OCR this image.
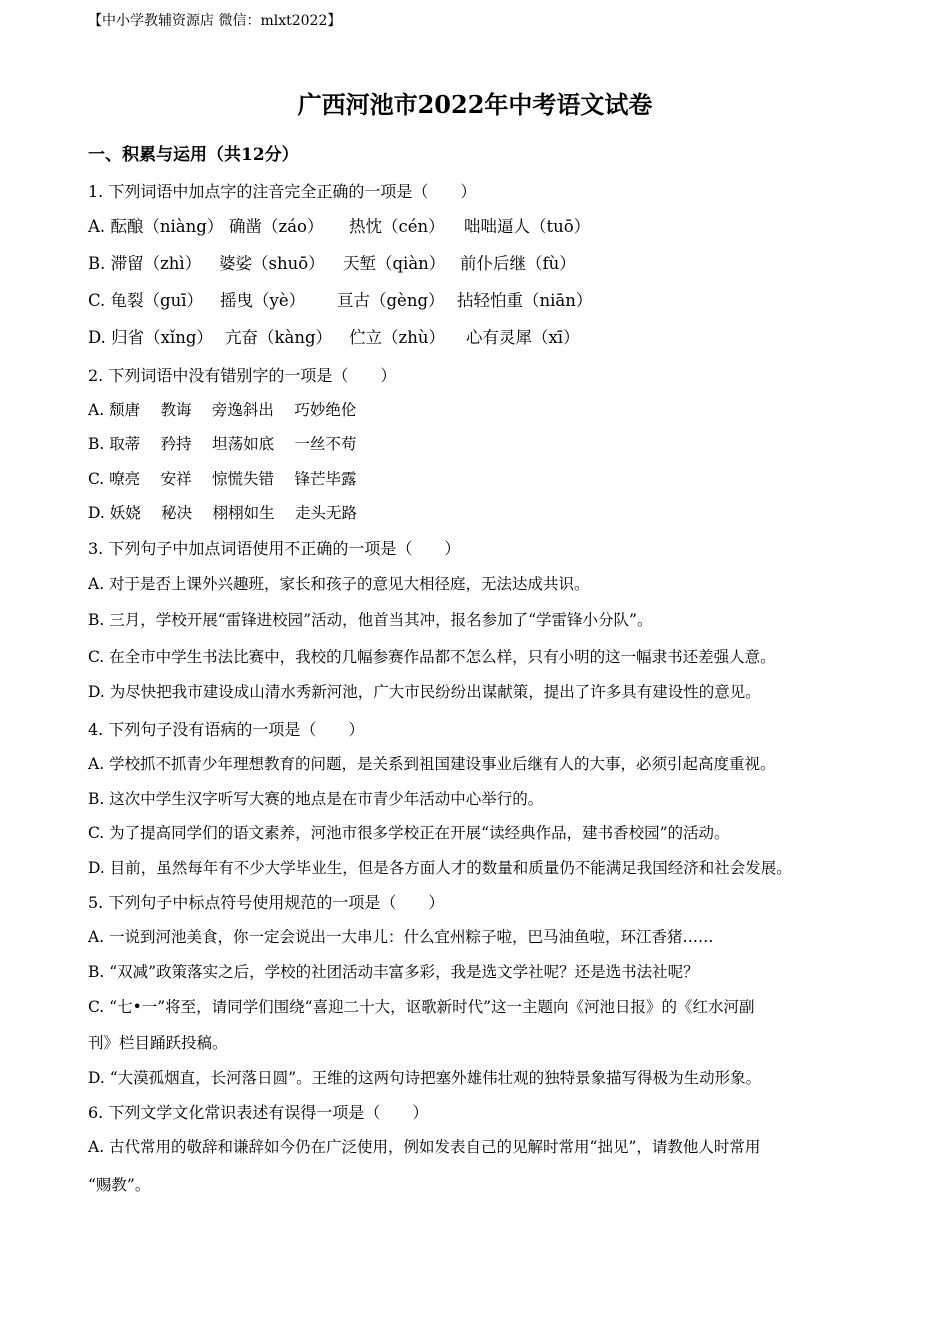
【中小学教辅资源店 微信：mlxt2022】
广西河池市2022年中考语文试卷
一、积累与运用（共12分）
1. 下列词语中加点字的注音完全正确的一项是（　　）
A. 酝酿（niàng） 确凿（záo） 热忱（cén） 咄咄逼人（tuō）
B. 滞留（zhì） 婆娑（shuō） 天堑（qiàn） 前仆后继（fù）
C. 龟裂（guī） 摇曳（yè） 亘古（gèng） 拈轻怕重（niān）
D. 归省（xǐng） 亢奋（kàng） 伫立（zhù） 心有灵犀（xī）
2. 下列词语中没有错别字的一项是（　　）
A. 颓唐　 教诲　 旁逸斜出　 巧妙绝伦
B. 取蒂　 矜持　 坦荡如底　 一丝不苟
C. 嘹亮　 安祥　 惊慌失错　 锋芒毕露
D. 妖娆　 秘决　 栩栩如生　 走头无路
3. 下列句子中加点词语使用不正确的一项是（　　）
A. 对于是否上课外兴趣班，家长和孩子的意见大相径庭，无法达成共识。
B. 三月，学校开展“雷锋进校园”活动，他首当其冲，报名参加了“学雷锋小分队”。
C. 在全市中学生书法比赛中，我校的几幅参赛作品都不怎么样，只有小明的这一幅隶书还差强人意。
D. 为尽快把我市建设成山清水秀新河池，广大市民纷纷出谋献策，提出了许多具有建设性的意见。
4. 下列句子没有语病的一项是（　　）
A. 学校抓不抓青少年理想教育的问题，是关系到祖国建设事业后继有人的大事，必须引起高度重视。
B. 这次中学生汉字听写大赛的地点是在市青少年活动中心举行的。
C. 为了提高同学们的语文素养，河池市很多学校正在开展“读经典作品，建书香校园”的活动。
D. 目前，虽然每年有不少大学毕业生，但是各方面人才的数量和质量仍不能满足我国经济和社会发展。
5. 下列句子中标点符号使用规范的一项是（　　）
A. 一说到河池美食，你一定会说出一大串儿：什么宜州粽子啦，巴马油鱼啦，环江香猪……
B. “双减”政策落实之后，学校的社团活动丰富多彩，我是选文学社呢？还是选书法社呢？
C. “七•一”将至，请同学们围绕“喜迎二十大，讴歌新时代”这一主题向《河池日报》的《红水河副
刊》栏目踊跃投稿。
D. “大漠孤烟直，长河落日圆”。王维的这两句诗把塞外雄伟壮观的独特景象描写得极为生动形象。
6. 下列文学文化常识表述有误得一项是（　　）
A. 古代常用的敬辞和谦辞如今仍在广泛使用，例如发表自己的见解时常用“拙见”，请教他人时常用
“赐教”。
